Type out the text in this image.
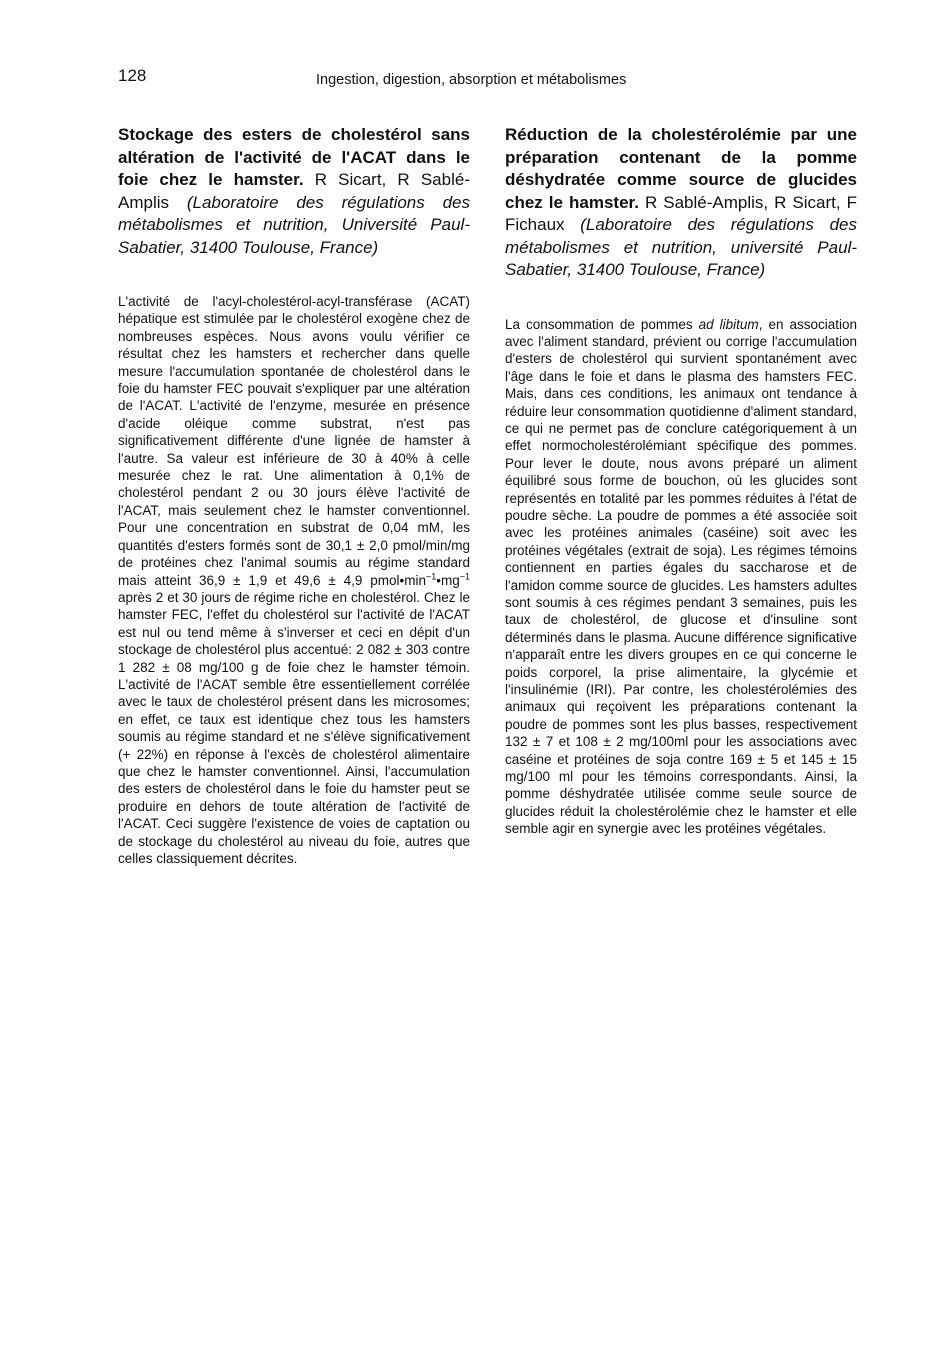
128	Ingestion, digestion, absorption et métabolismes

Stockage des esters de cholestérol sans altération de l'activité de l'ACAT dans le foie chez le hamster. R Sicart, R Sablé-Amplis (Laboratoire des régulations des métabolismes et nutrition, Université Paul-Sabatier, 31400 Toulouse, France)

L'activité de l'acyl-cholestérol-acyl-transférase (ACAT) hépatique est stimulée par le cholestérol exogène chez de nombreuses espèces. Nous avons voulu vérifier ce résultat chez les hamsters et rechercher dans quelle mesure l'accumulation spontanée de cholestérol dans le foie du hamster FEC pouvait s'expliquer par une altération de l'ACAT. L'activité de l'enzyme, mesurée en présence d'acide oléique comme substrat, n'est pas significativement différente d'une lignée de hamster à l'autre. Sa valeur est inférieure de 30 à 40% à celle mesurée chez le rat. Une alimentation à 0,1% de cholestérol pendant 2 ou 30 jours élève l'activité de l'ACAT, mais seulement chez le hamster conventionnel. Pour une concentration en substrat de 0,04 mM, les quantités d'esters formés sont de 30,1 ± 2,0 pmol/min/mg de protéines chez l'animal soumis au régime standard mais atteint 36,9 ± 1,9 et 49,6 ± 4,9 $pmol•\min^{-1}•mg^{-1}$ après 2 et 30 jours de régime riche en cholestérol. Chez le hamster FEC, l'effet du cholestérol sur l'activité de l'ACAT est nul ou tend même à s'inverser et ceci en dépit d'un stockage de cholestérol plus accentué: 2 082 ± 303 contre 1 282 ± 08 mg/100 g de foie chez le hamster témoin. L'activité de l'ACAT semble être essentiellement corrélée avec le taux de cholestérol présent dans les microsomes; en effet, ce taux est identique chez tous les hamsters soumis au régime standard et ne s'élève significativement (+ 22%) en réponse à l'excès de cholestérol alimentaire que chez le hamster conventionnel. Ainsi, l'accumulation des esters de cholestérol dans le foie du hamster peut se produire en dehors de toute altération de l'activité de l'ACAT. Ceci suggère l'existence de voies de captation ou de stockage du cholestérol au niveau du foie, autres que celles classiquement décrites.

Réduction de la cholestérolémie par une préparation contenant de la pomme déshydratée comme source de glucides chez le hamster. R Sablé-Amplis, R Sicart, F Fichaux (Laboratoire des régulations des métabolismes et nutrition, université Paul-Sabatier, 31400 Toulouse, France)

La consommation de pommes ad libitum, en association avec l'aliment standard, prévient ou corrige l'accumulation d'esters de cholestérol qui survient spontanément avec l'âge dans le foie et dans le plasma des hamsters FEC. Mais, dans ces conditions, les animaux ont tendance à réduire leur consommation quotidienne d'aliment standard, ce qui ne permet pas de conclure catégoriquement à un effet normocholestérolémiant spécifique des pommes. Pour lever le doute, nous avons préparé un aliment équilibré sous forme de bouchon, où les glucides sont représentés en totalité par les pommes réduites à l'état de poudre sèche. La poudre de pommes a été associée soit avec les protéines animales (caséine) soit avec les protéines végétales (extrait de soja). Les régimes témoins contiennent en parties égales du saccharose et de l'amidon comme source de glucides. Les hamsters adultes sont soumis à ces régimes pendant 3 semaines, puis les taux de cholestérol, de glucose et d'insuline sont déterminés dans le plasma. Aucune différence significative n'apparaît entre les divers groupes en ce qui concerne le poids corporel, la prise alimentaire, la glycémie et l'insulinémie (IRI). Par contre, les cholestérolémies des animaux qui reçoivent les préparations contenant la poudre de pommes sont les plus basses, respectivement 132 ± 7 et 108 ± 2 mg/100ml pour les associations avec caséine et protéines de soja contre 169 ± 5 et 145 ± 15 mg/100 ml pour les témoins correspondants. Ainsi, la pomme déshydratée utilisée comme seule source de glucides réduit la cholestérolémie chez le hamster et elle semble agir en synergie avec les protéines végétales.
